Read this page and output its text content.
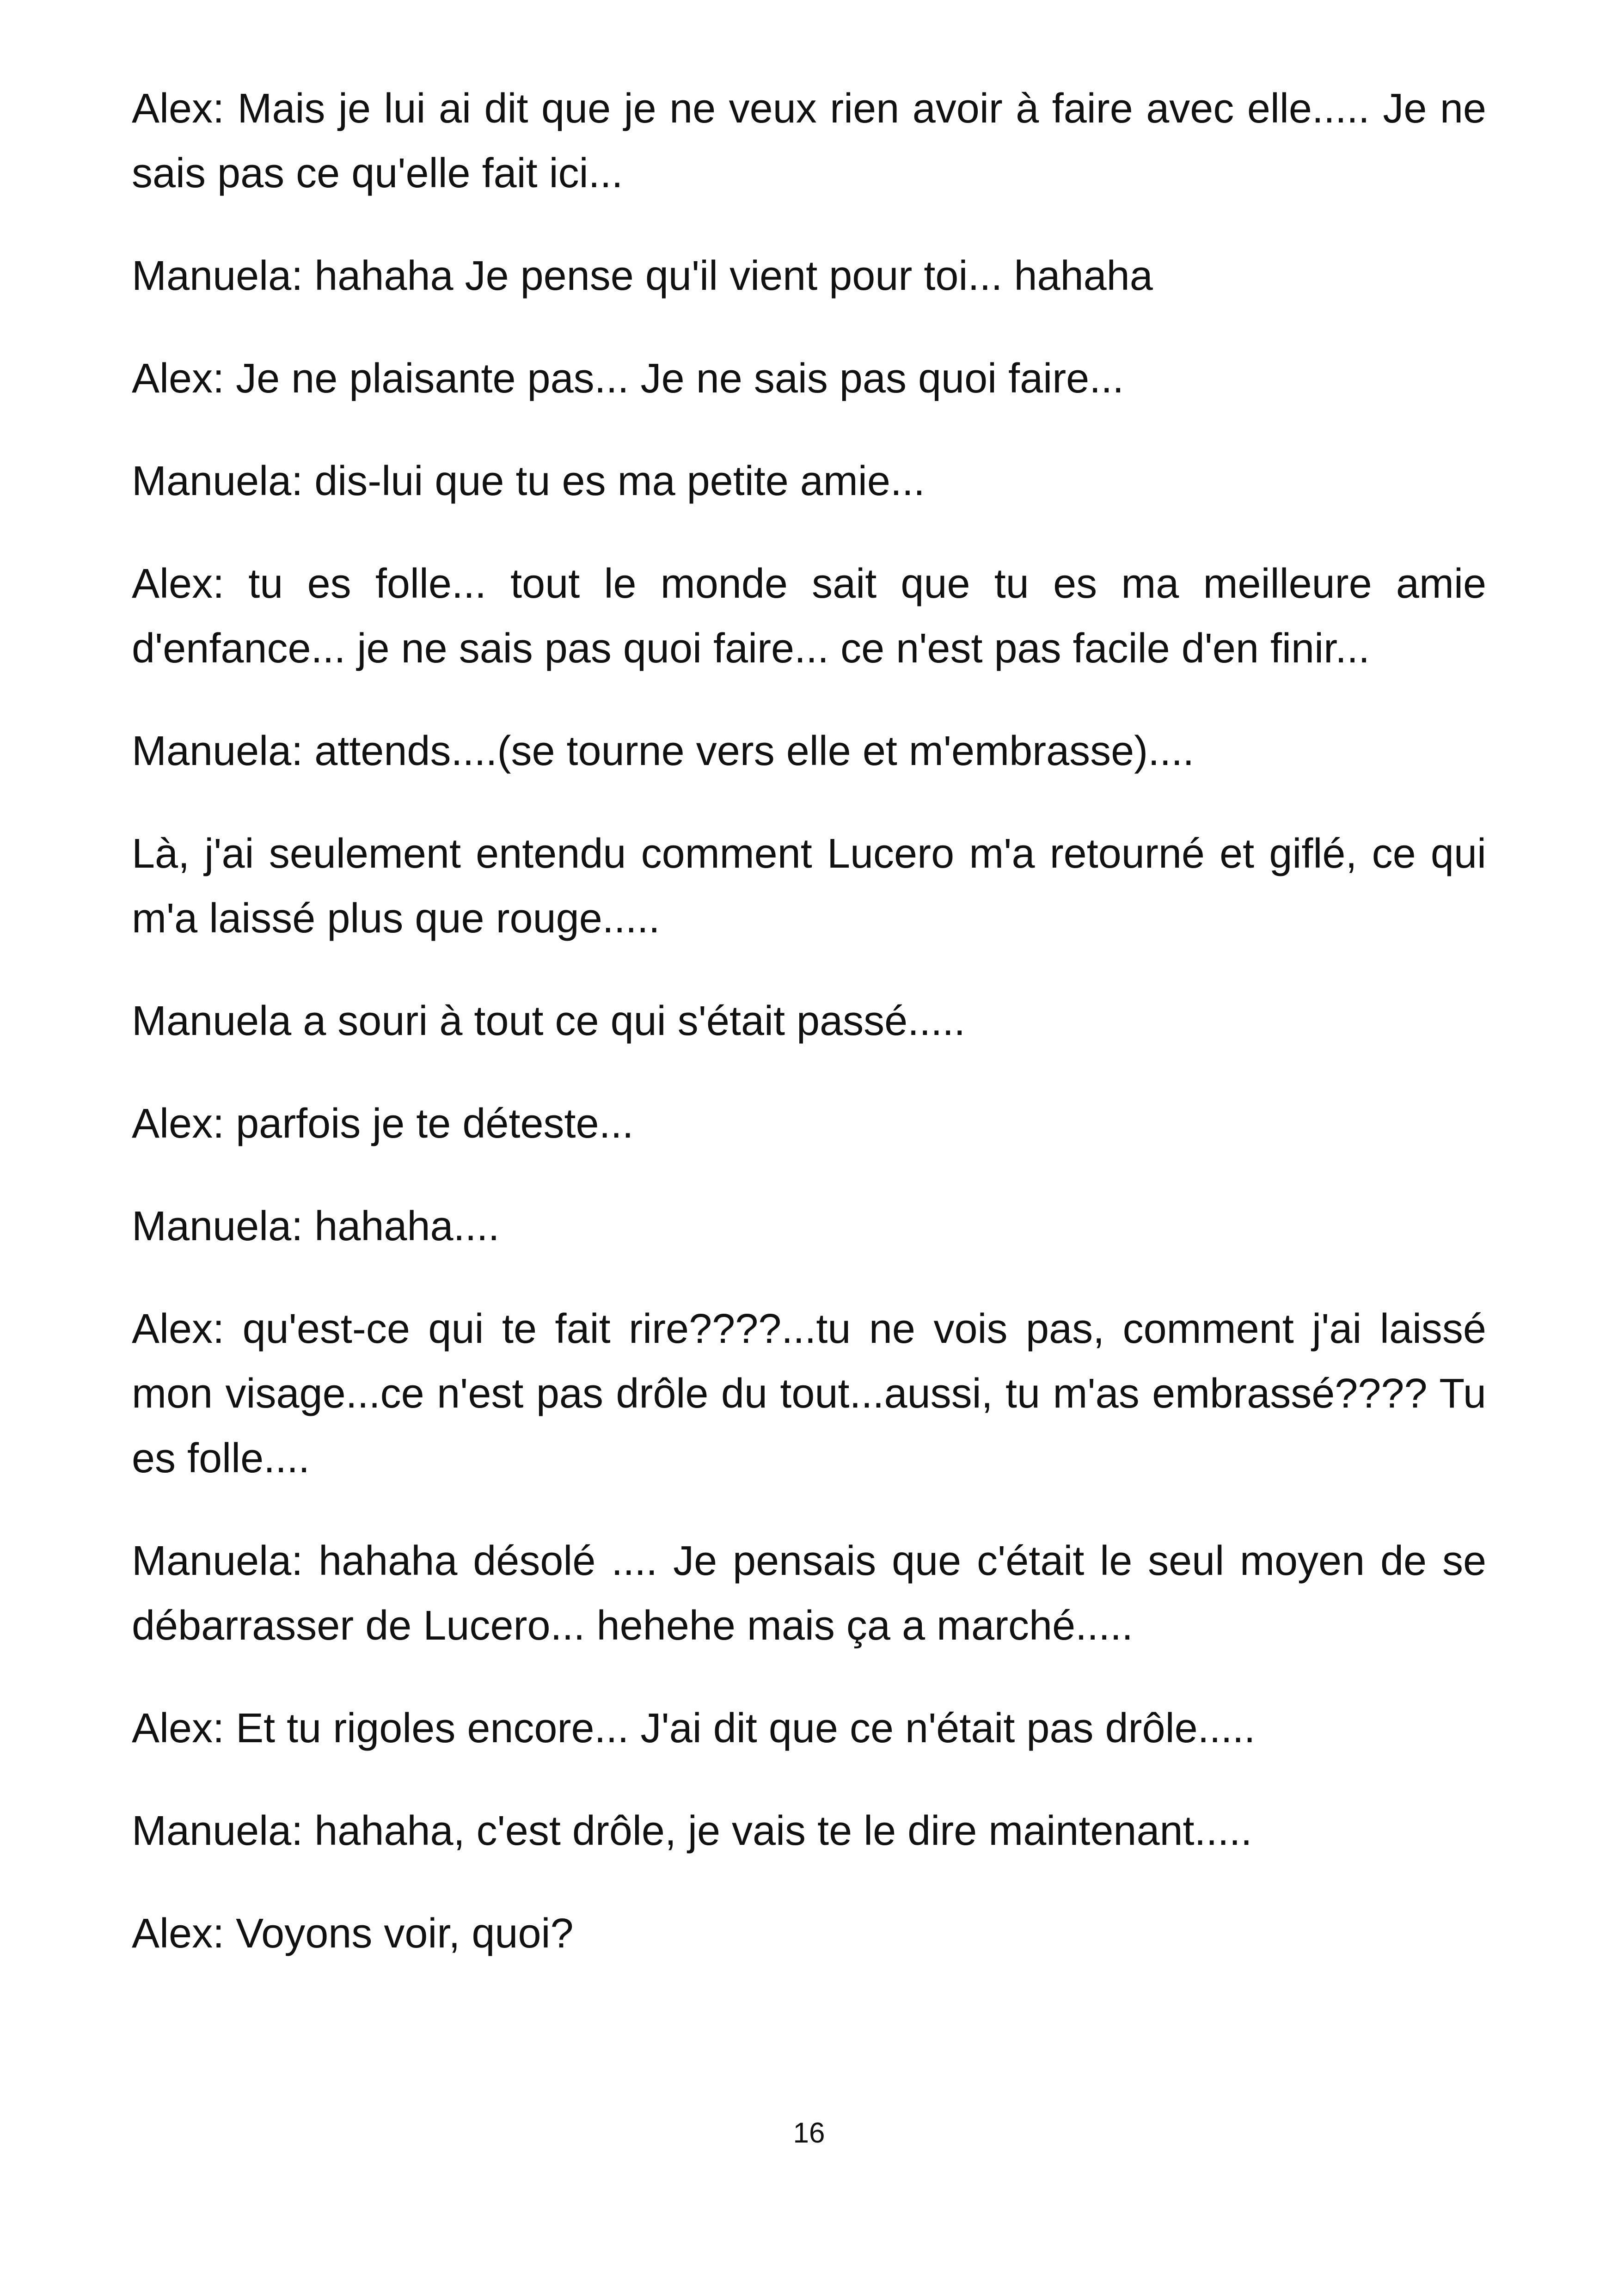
Alex: Mais je lui ai dit que je ne veux rien avoir à faire avec elle..... Je ne sais pas ce qu'elle fait ici...

Manuela: hahaha Je pense qu'il vient pour toi... hahaha

Alex: Je ne plaisante pas... Je ne sais pas quoi faire...

Manuela: dis-lui que tu es ma petite amie...

Alex: tu es folle... tout le monde sait que tu es ma meilleure amie d'enfance... je ne sais pas quoi faire... ce n'est pas facile d'en finir...

Manuela: attends....(se tourne vers elle et m'embrasse)....

Là, j'ai seulement entendu comment Lucero m'a retourné et giflé, ce qui m'a laissé plus que rouge.....

Manuela a souri à tout ce qui s'était passé.....

Alex: parfois je te déteste...

Manuela: hahaha....

Alex: qu'est-ce qui te fait rire????...tu ne vois pas, comment j'ai laissé mon visage...ce n'est pas drôle du tout...aussi, tu m'as embrassé???? Tu es folle....

Manuela: hahaha désolé .... Je pensais que c'était le seul moyen de se débarrasser de Lucero... hehehe mais ça a marché.....

Alex: Et tu rigoles encore... J'ai dit que ce n'était pas drôle.....

Manuela: hahaha, c'est drôle, je vais te le dire maintenant.....

Alex: Voyons voir, quoi?

16
